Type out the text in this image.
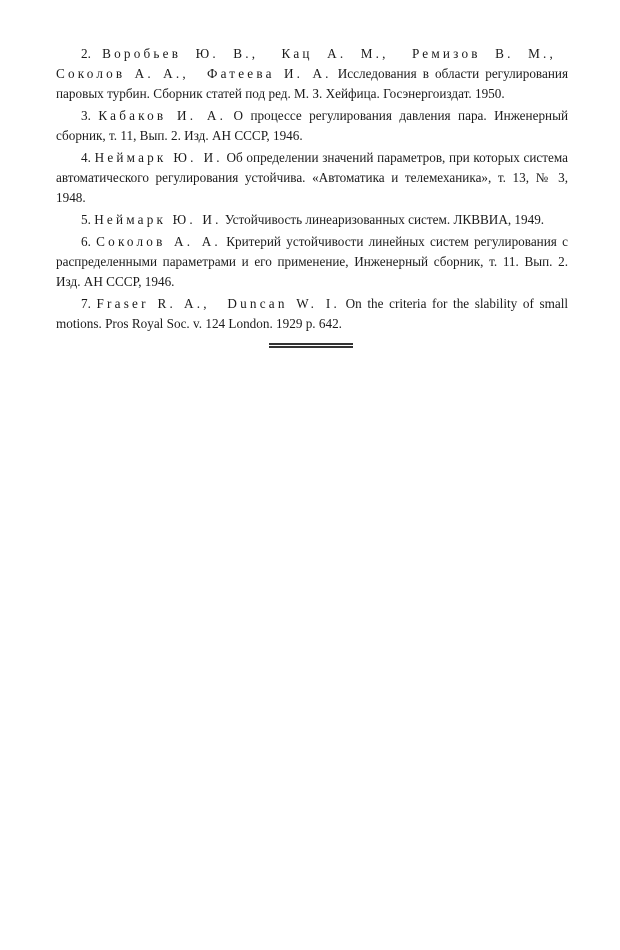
2. Воробьев Ю. В., Кац А. М., Ремизов В. М., Соколов А. А., Фатеева И. А. Исследования в области регулирования паровых турбин. Сборник статей под ред. М. З. Хейфица. Госэнергоиздат. 1950.

3. Кабаков И. А. О процессе регулирования давления пара. Инженерный сборник, т. 11, Вып. 2. Изд. АН СССР, 1946.

4. Неймарк Ю. И. Об определении значений параметров, при которых система автоматического регулирования устойчива. «Автоматика и телемеханика», т. 13, № 3, 1948.

5. Неймарк Ю. И. Устойчивость линеаризованных систем. ЛКВВИА, 1949.

6. Соколов А. А. Критерий устойчивости линейных систем регулирования с распределенными параметрами и его применение, Инженерный сборник, т. 11. Вып. 2. Изд. АН СССР, 1946.

7. Fraser R. A., Duncan W. I. On the criteria for the slability of small motions. Pros Royal Soc. v. 124 London. 1929 p. 642.
